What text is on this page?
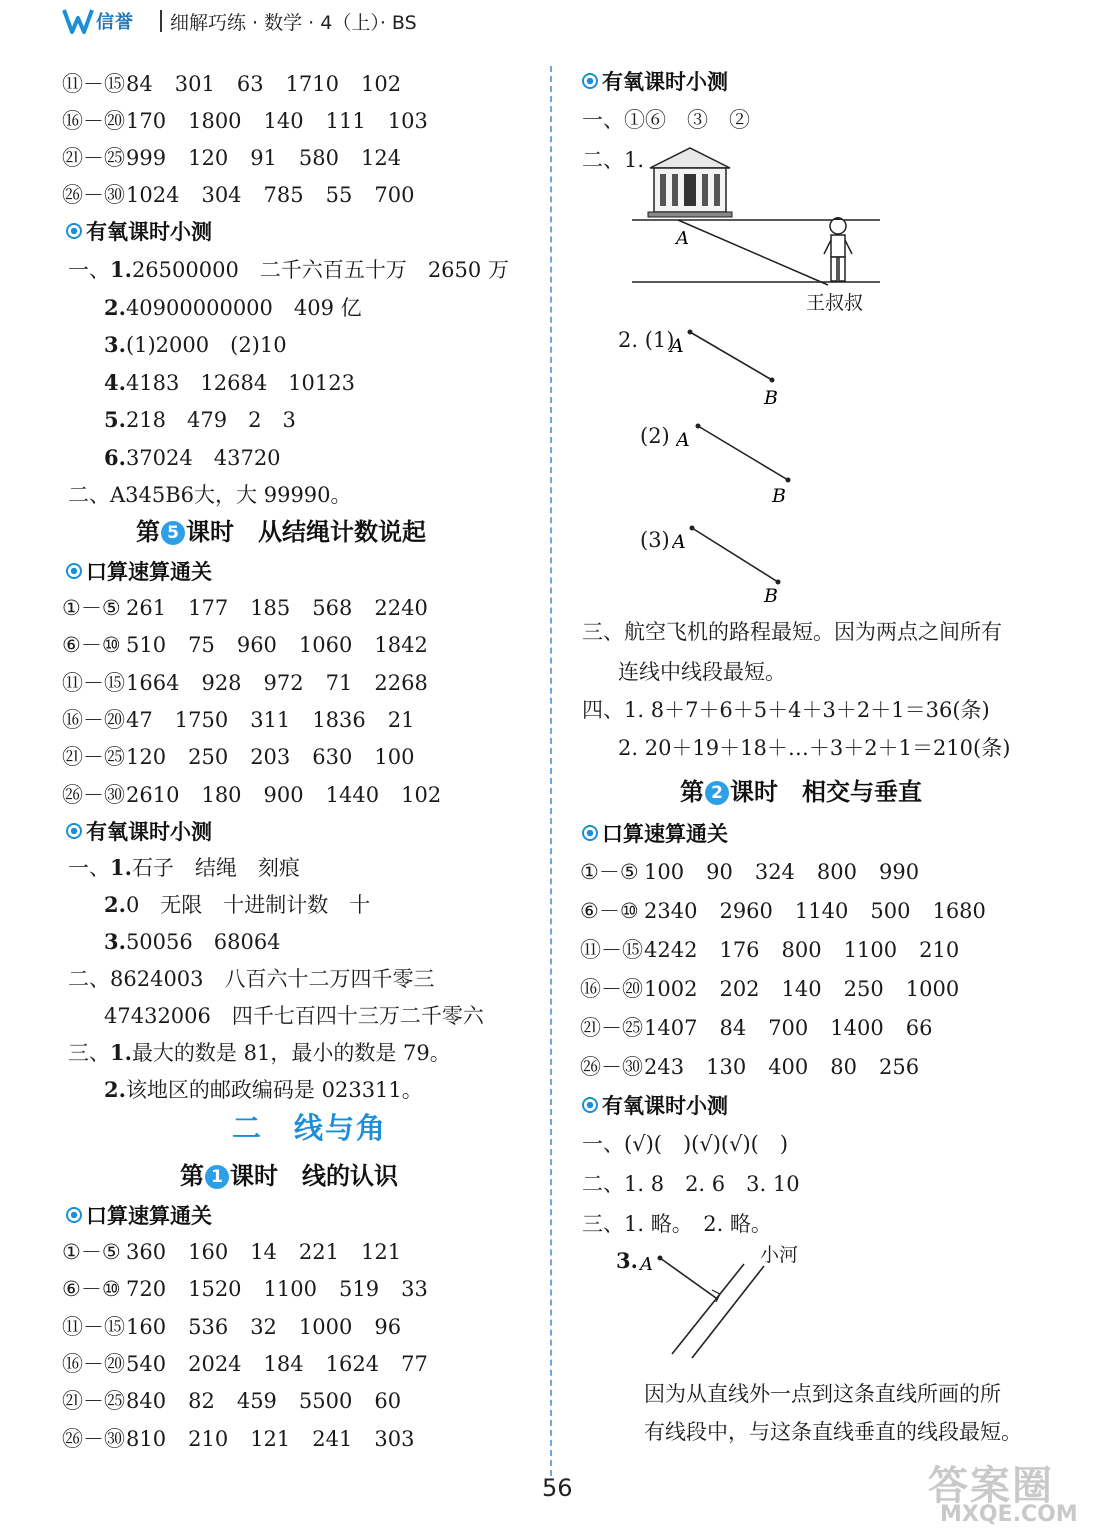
信誉 细解巧练 · 数学 · 4（上）· BS
⑪－⑮84 301 63 1710 102
⑯－⑳170 1800 140 111 103
㉑－㉕999 120 91 580 124
㉖－㉚1024 304 785 55 700
有氧课时小测
一、1.26500000　二千六百五十万　2650 万
2.40900000000　409 亿
3.(1)2000　(2)10
4.4183　12684　10123
5.218　479　2　3
6.37024　43720
二、A345B6大，大 99990。
第 5 课时　从结绳计数说起
口算速算通关
①－⑤ 261 177 185 568 2240
⑥－⑩ 510 75 960 1060 1842
⑪－⑮1664 928 972 71 2268
⑯－⑳47 1750 311 1836 21
㉑－㉕120 250 203 630 100
㉖－㉚2610 180 900 1440 102
有氧课时小测
一、1.石子　结绳　刻痕
2.0　无限　十进制计数　十
3.50056　68064
二、8624003　八百六十二万四千零三
47432006　四千七百四十三万二千零六
三、1.最大的数是 81，最小的数是 79。
2.该地区的邮政编码是 023311。
二　线与角
第 1 课时　线的认识
口算速算通关
①－⑤ 360 160 14 221 121
⑥－⑩ 720 1520 1100 519 33
⑪－⑮160 536 32 1000 96
⑯－⑳540 2024 184 1624 77
㉑－㉕840 82 459 5500 60
㉖－㉚810 210 121 241 303
有氧课时小测
一、①⑥　③　②
二、1.
A
王叔叔
2. (1)
A
B
(2) A
B
(3) A
B
三、航空飞机的路程最短。因为两点之间所有
连线中线段最短。
四、1. 8＋7＋6＋5＋4＋3＋2＋1＝36(条)
2. 20＋19＋18＋…＋3＋2＋1＝210(条)
第 2 课时　相交与垂直
口算速算通关
①－⑤ 100 90 324 800 990
⑥－⑩ 2340 2960 1140 500 1680
⑪－⑮4242 176 800 1100 210
⑯－⑳1002 202 140 250 1000
㉑－㉕1407 84 700 1400 66
㉖－㉚243 130 400 80 256
有氧课时小测
一、(√)(　)(√)(√)(　)
二、1. 8　2. 6　3. 10
三、1. 略。　2. 略。
3. A	小河
因为从直线外一点到这条直线所画的所
有线段中，与这条直线垂直的线段最短。
56	答案圈
MXQE.COM
